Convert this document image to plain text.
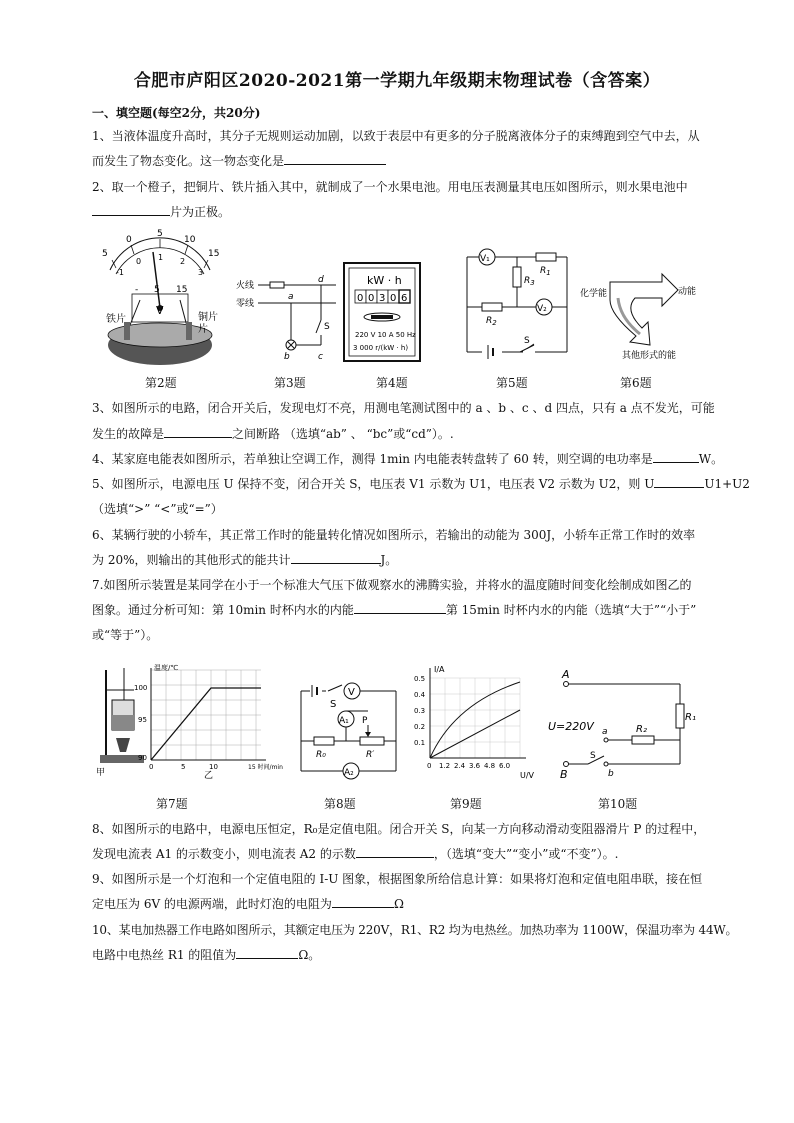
合肥市庐阳区2020-2021第一学期九年级期末物理试卷（含答案）
一、填空题(每空2分，共20分)
1、当液体温度升高时，其分子无规则运动加剧，以致于表层中有更多的分子脱离液体分子的束缚跑到空气中去，从
而发生了物态变化。这一物态变化是
2、取一个橙子，把铜片、铁片插入其中，就制成了一个水果电池。用电压表测量其电压如图所示，则水果电池中
片为正极。
5
0
5
10
15
-1
0 1 2
3
- 5 15
V
铁片	铜片
片
火线
零线
a
b	c
d
S
kW · h
0 0 3 0 6
220 V 10 A 50 Hz
3 000 r/(kW · h)
V₁
$R_1$
$R_3$
$R_2$
V₂
S
化学能	动能
其他形式的能
第2题	第3题	第4题	第5题	第6题
3、如图所示的电路，闭合开关后，发现电灯不亮，用测电笔测试图中的 a 、b 、c 、d 四点，只有 a 点不发光，可能
发生的故障是	之间断路 （选填“ab” 、 “bc”或“cd”）。.
4、某家庭电能表如图所示，若单独让空调工作，测得 1min 内电能表转盘转了 60 转，则空调的电功率是	W。
5、如图所示，电源电压 U 保持不变，闭合开关 S，电压表 V1 示数为 U1，电压表 V2 示数为 U2，则 U	U1+U2
（选填“>” “<”或“=”）
6、某辆行驶的小轿车，其正常工作时的能量转化情况如图所示，若输出的动能为 300J，小轿车正常工作时的效率
为 20%，则输出的其他形式的能共计	J。
7.如图所示装置是某同学在小于一个标准大气压下做观察水的沸腾实验，并将水的温度随时间变化绘制成如图乙的
图象。通过分析可知：第 10min 时杯内水的内能	第 15min 时杯内水的内能（选填“大于”“小于”
或“等于”）。
甲
温度/℃
100
95
90
0	5	10	15 时间/min
乙
S
V
A₁
R₀	R′
P
A₂
I/A
0.5
0.4
0.3
0.2
0.1
0 1.2 2.4 3.6 4.8 6.0
U/V
A
B
U=220V
R₁
R₂
a
b
S
第7题	第8题	第9题	第10题
8、如图所示的电路中，电源电压恒定，R₀是定值电阻。闭合开关 S，向某一方向移动滑动变阻器滑片 P 的过程中，
发现电流表 A1 的示数变小，则电流表 A2 的示数	，（选填“变大”“变小”或“不变”）。.
9、如图所示是一个灯泡和一个定值电阻的 I-U 图象，根据图象所给信息计算：如果将灯泡和定值电阻串联，接在恒
定电压为 6V 的电源两端，此时灯泡的电阻为	Ω
10、某电加热器工作电路如图所示，其额定电压为 220V，R1、R2 均为电热丝。加热功率为 1100W，保温功率为 44W。
电路中电热丝 R1 的阻值为	Ω。
